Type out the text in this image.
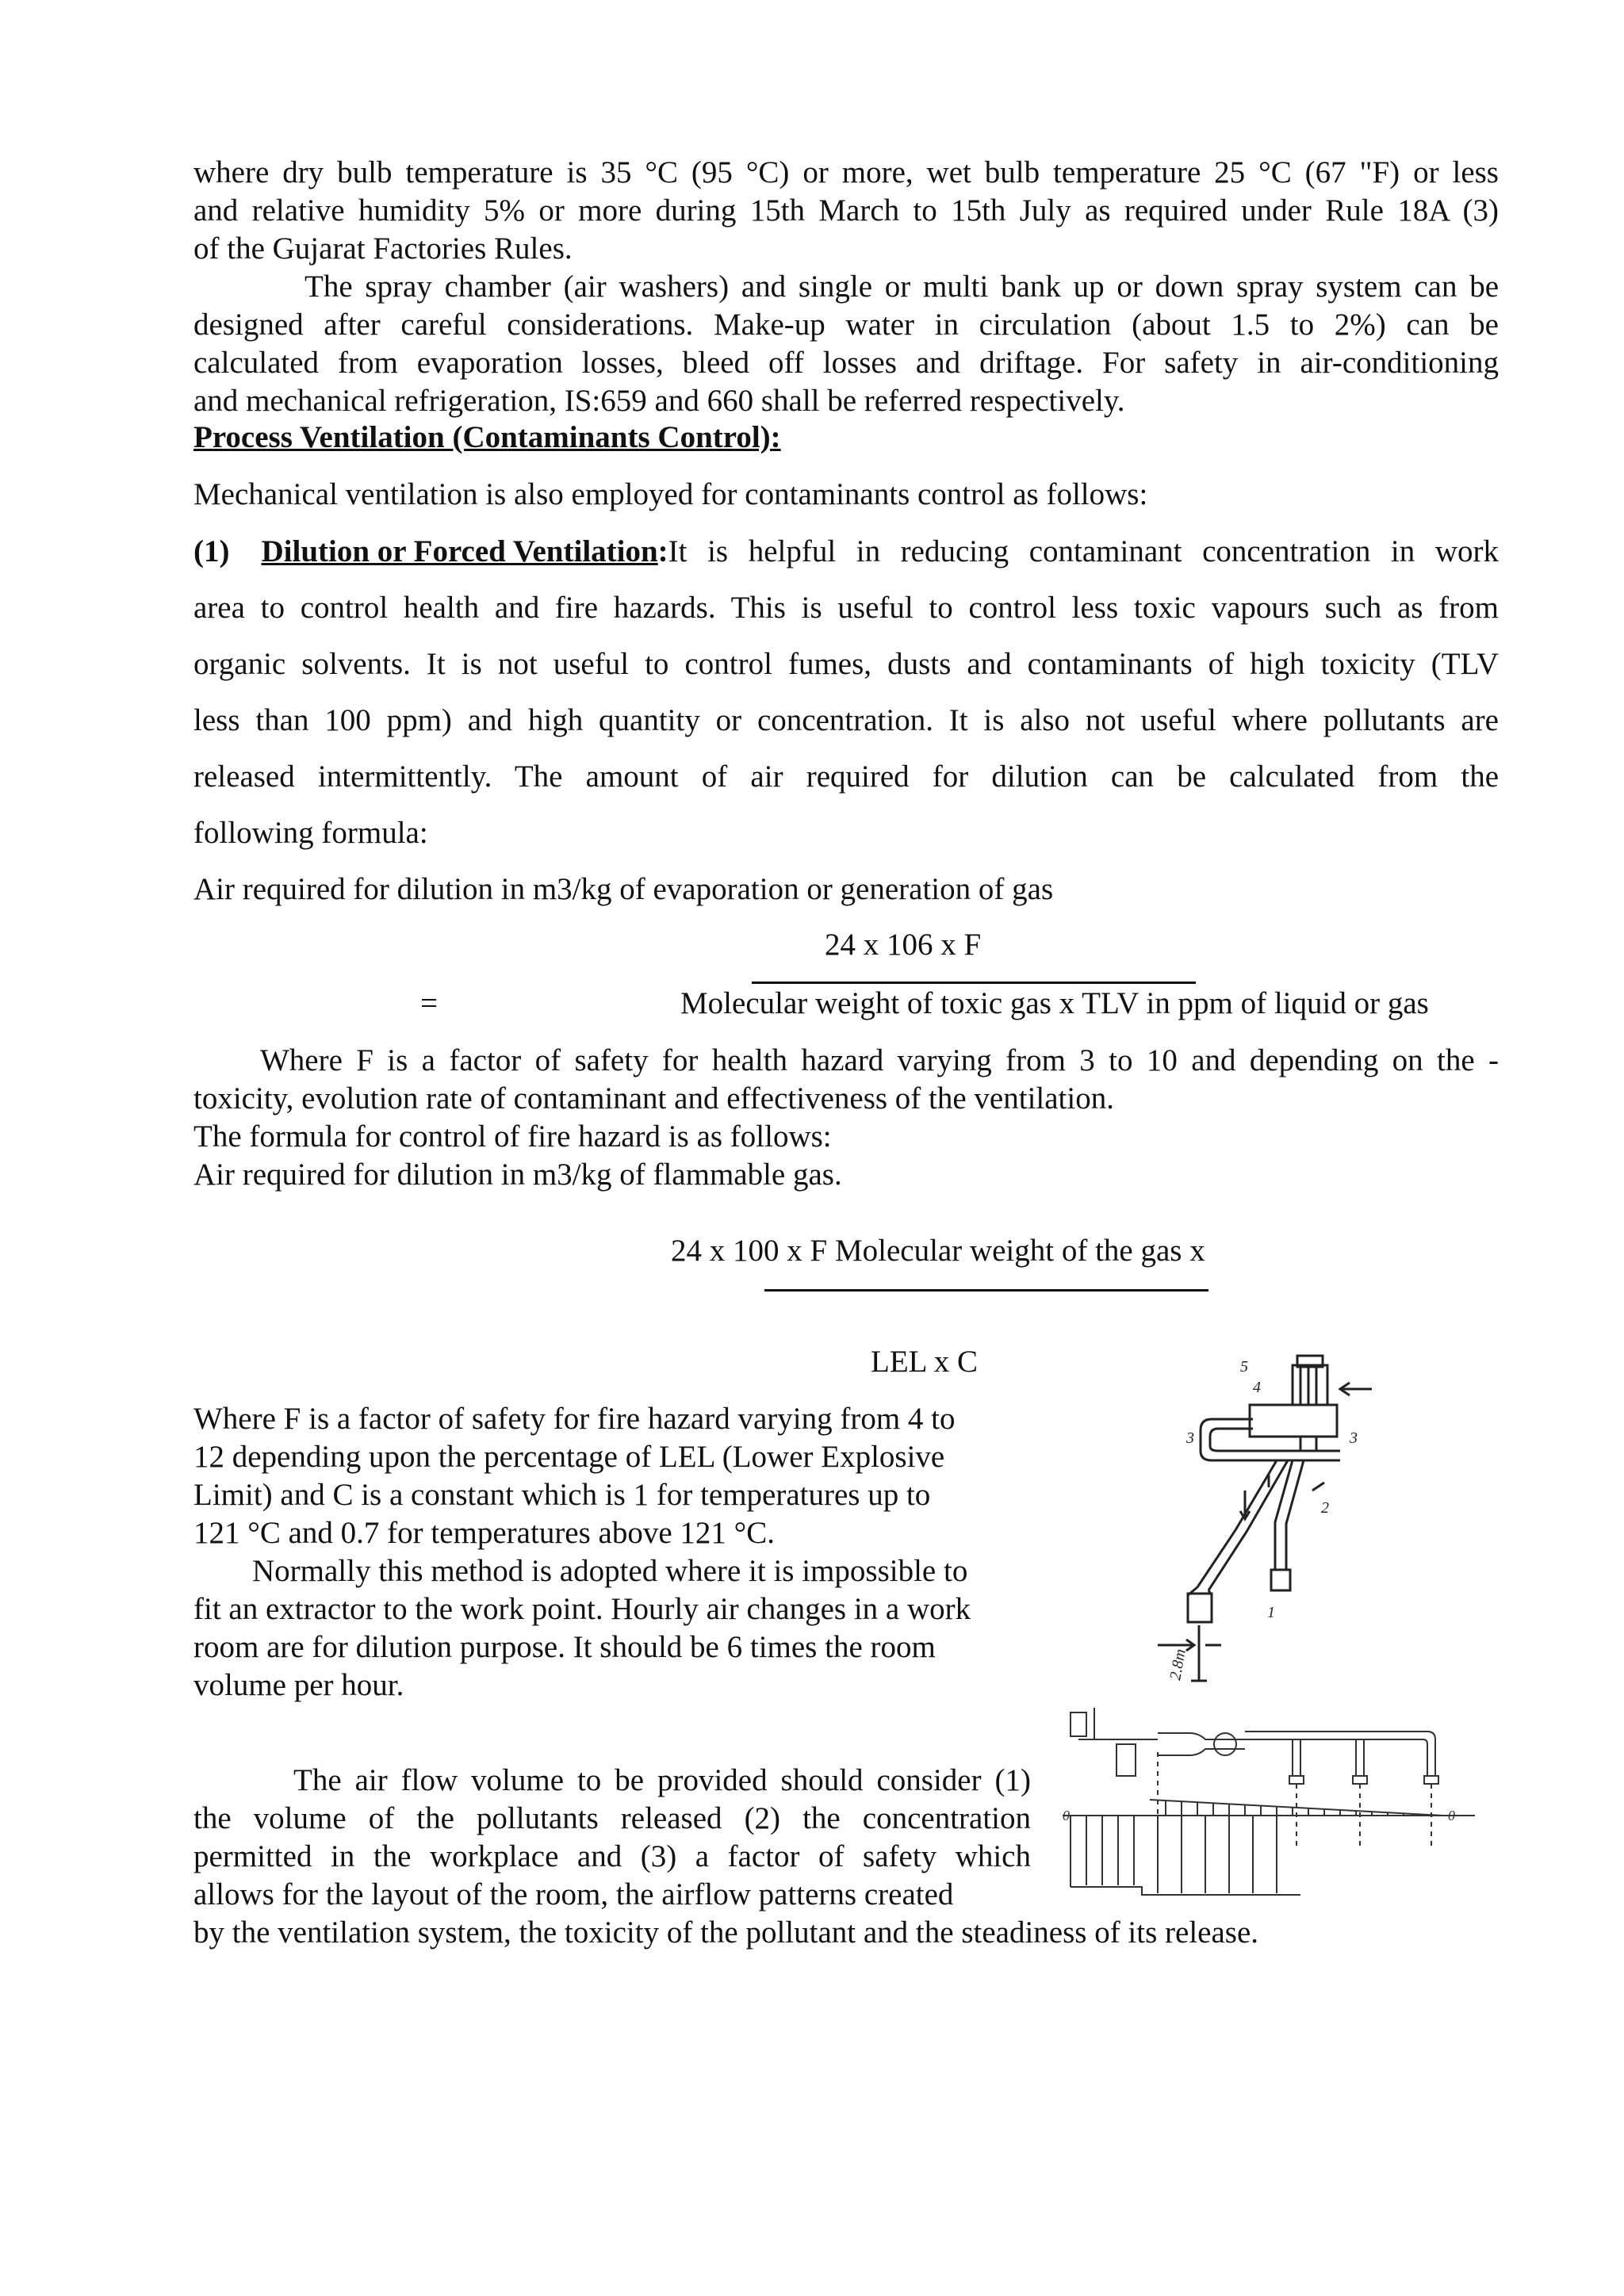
where dry bulb temperature is 35 °C (95 °C) or more, wet bulb temperature 25 °C (67 "F) or less
and relative humidity 5% or more during 15th March to 15th July as required under Rule 18A (3)
of the Gujarat Factories Rules.
The spray chamber (air washers) and single or multi bank up or down spray system can be
designed after careful considerations. Make-up water in circulation (about 1.5 to 2%) can be
calculated from evaporation losses, bleed off losses and driftage. For safety in air-conditioning
and mechanical refrigeration, IS:659 and 660 shall be referred respectively.
Process Ventilation (Contaminants Control):
Mechanical ventilation is also employed for contaminants control as follows:
(1) Dilution or Forced Ventilation : It is helpful in reducing contaminant concentration in work
area to control health and fire hazards. This is useful to control less toxic vapours such as from
organic solvents. It is not useful to control fumes, dusts and contaminants of high toxicity (TLV
less than 100 ppm) and high quantity or concentration. It is also not useful where pollutants are
released intermittently. The amount of air required for dilution can be calculated from the
following formula:
Air required for dilution in m3/kg of evaporation or generation of gas
24 x 106 x F
=	Molecular weight of toxic gas x TLV in ppm of liquid or gas
Where F is a factor of safety for health hazard varying from 3 to 10 and depending on the -
toxicity, evolution rate of contaminant and effectiveness of the ventilation.
The formula for control of fire hazard is as follows:
Air required for dilution in m3/kg of flammable gas.
24 x 100 x F Molecular weight of the gas x
LEL x C
Where F is a factor of safety for fire hazard varying from 4 to
12 depending upon the percentage of LEL (Lower Explosive
Limit) and C is a constant which is 1 for temperatures up to
121 °C and 0.7 for temperatures above 121 °C.
Normally this method is adopted where it is impossible to
fit an extractor to the work point. Hourly air changes in a work
room are for dilution purpose. It should be 6 times the room
volume per hour.
The air flow volume to be provided should consider (1)
the volume of the pollutants released (2) the concentration
permitted in the workplace and (3) a factor of safety which
allows for the layout of the room, the airflow patterns created
by the ventilation system, the toxicity of the pollutant and the steadiness of its release.
5
4
3	3
2
1
2.8m
0	0
